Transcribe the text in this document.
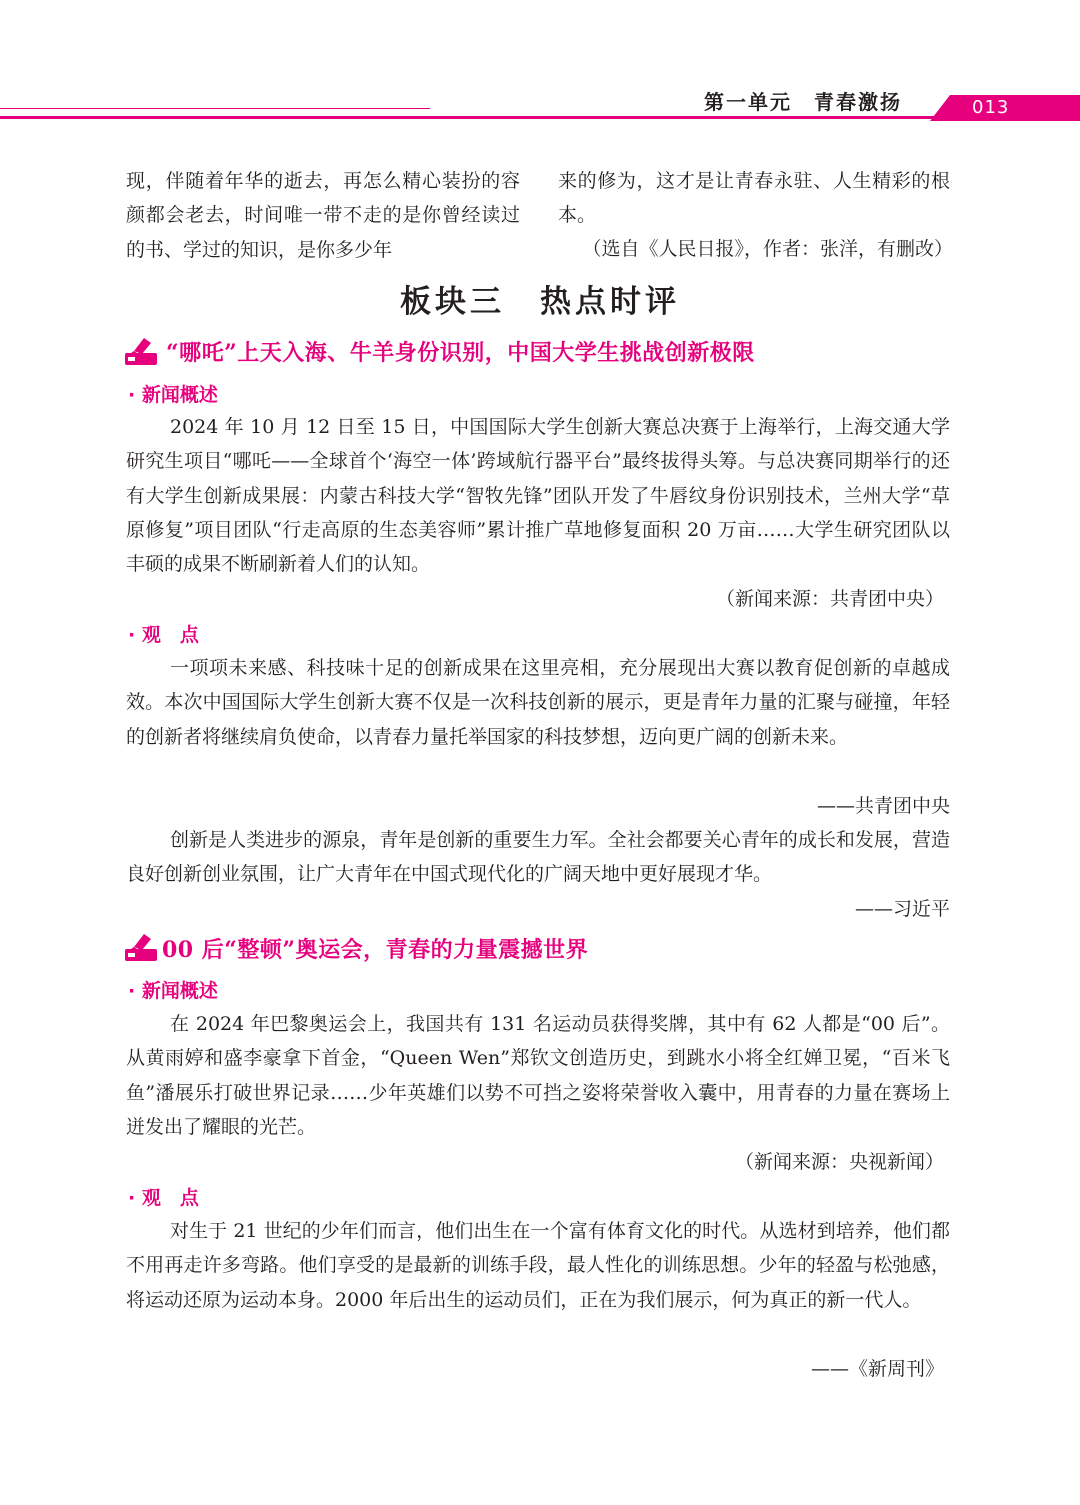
第一单元　青春激扬	013
现，伴随着年华的逝去，再怎么精心装扮的容颜都会老去，时间唯一带不走的是你曾经读过的书、学过的知识，是你多少年
来的修为，这才是让青春永驻、人生精彩的根本。
（选自《人民日报》，作者：张洋，有删改）
板块三　热点时评
“哪吒”上天入海、牛羊身份识别，中国大学生挑战创新极限
· 新闻概述
2024 年 10 月 12 日至 15 日，中国国际大学生创新大赛总决赛于上海举行，上海交通大学研究生项目“哪吒——全球首个‘海空一体’跨域航行器平台”最终拔得头筹。与总决赛同期举行的还有大学生创新成果展：内蒙古科技大学“智牧先锋”团队开发了牛唇纹身份识别技术，兰州大学“草原修复”项目团队“行走高原的生态美容师”累计推广草地修复面积 20 万亩……大学生研究团队以丰硕的成果不断刷新着人们的认知。
（新闻来源：共青团中央）
· 观　点
一项项未来感、科技味十足的创新成果在这里亮相，充分展现出大赛以教育促创新的卓越成效。本次中国国际大学生创新大赛不仅是一次科技创新的展示，更是青年力量的汇聚与碰撞，年轻的创新者将继续肩负使命，以青春力量托举国家的科技梦想，迈向更广阔的创新未来。
——共青团中央
创新是人类进步的源泉，青年是创新的重要生力军。全社会都要关心青年的成长和发展，营造良好创新创业氛围，让广大青年在中国式现代化的广阔天地中更好展现才华。
——习近平
00 后“整顿”奥运会，青春的力量震撼世界
· 新闻概述
在 2024 年巴黎奥运会上，我国共有 131 名运动员获得奖牌，其中有 62 人都是“00 后”。从黄雨婷和盛李豪拿下首金，“Queen Wen”郑钦文创造历史，到跳水小将全红婵卫冕，“百米飞鱼”潘展乐打破世界记录……少年英雄们以势不可挡之姿将荣誉收入囊中，用青春的力量在赛场上迸发出了耀眼的光芒。
（新闻来源：央视新闻）
· 观　点
对生于 21 世纪的少年们而言，他们出生在一个富有体育文化的时代。从选材到培养，他们都不用再走许多弯路。他们享受的是最新的训练手段，最人性化的训练思想。少年的轻盈与松弛感，将运动还原为运动本身。2000 年后出生的运动员们，正在为我们展示，何为真正的新一代人。
——《新周刊》
